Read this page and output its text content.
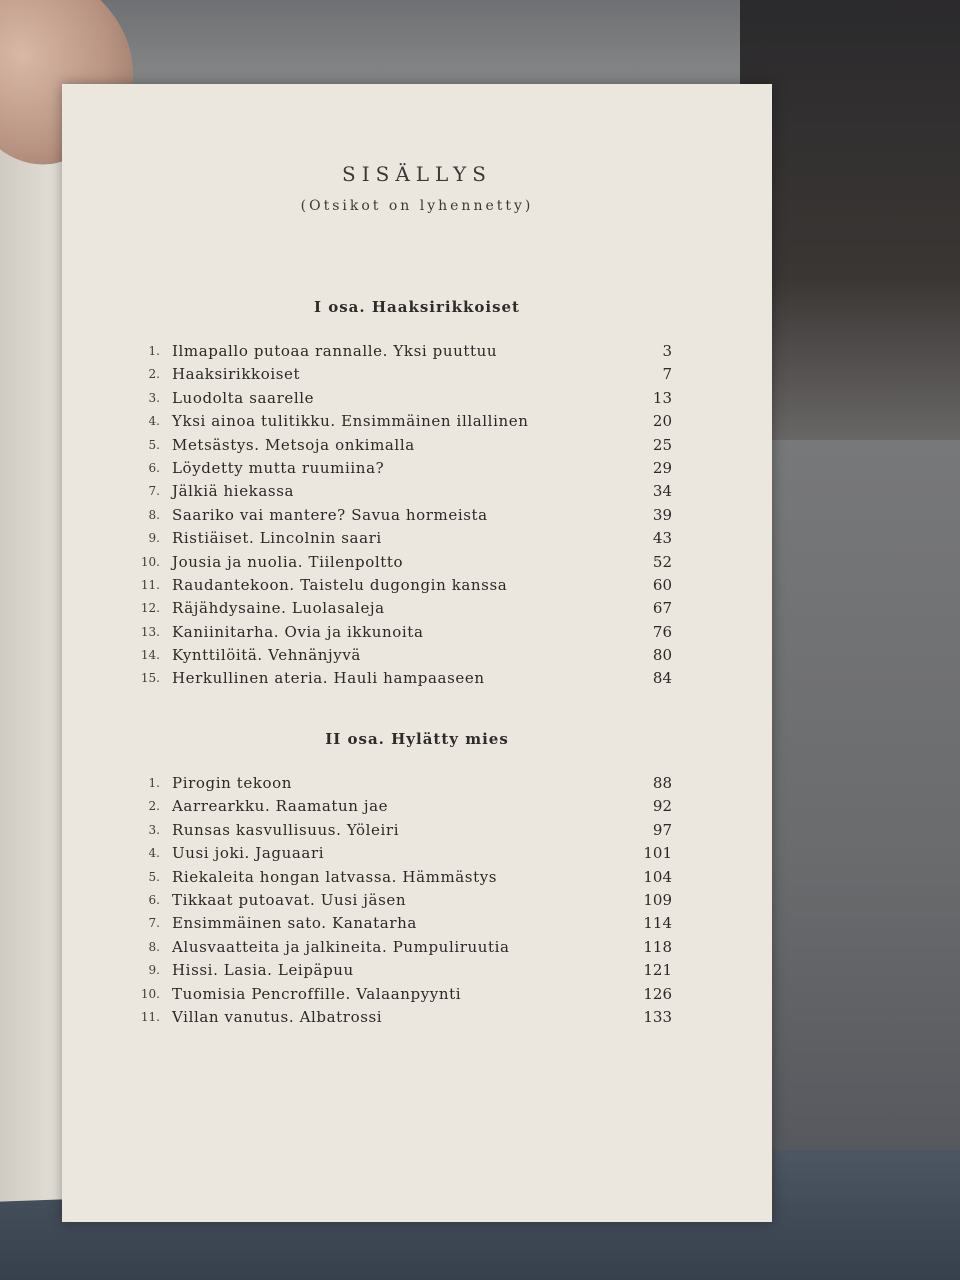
SISÄLLYS
(Otsikot on lyhennetty)
I osa. Haaksirikkoiset
1. Ilmapallo putoaa rannalle. Yksi puuttuu	3
2. Haaksirikkoiset	7
3. Luodolta saarelle	13
4. Yksi ainoa tulitikku. Ensimmäinen illallinen	20
5. Metsästys. Metsoja onkimalla	25
6. Löydetty mutta ruumiina?	29
7. Jälkiä hiekassa	34
8. Saariko vai mantere? Savua hormeista	39
9. Ristiäiset. Lincolnin saari	43
10. Jousia ja nuolia. Tiilenpoltto	52
11. Raudantekoon. Taistelu dugongin kanssa	60
12. Räjähdysaine. Luolasaleja	67
13. Kaniinitarha. Ovia ja ikkunoita	76
14. Kynttilöitä. Vehnänjyvä	80
15. Herkullinen ateria. Hauli hampaaseen	84
II osa. Hylätty mies
1. Pirogin tekoon	88
2. Aarrearkku. Raamatun jae	92
3. Runsas kasvullisuus. Yöleiri	97
4. Uusi joki. Jaguaari	101
5. Riekaleita hongan latvassa. Hämmästys	104
6. Tikkaat putoavat. Uusi jäsen	109
7. Ensimmäinen sato. Kanatarha	114
8. Alusvaatteita ja jalkineita. Pumpuliruutia	118
9. Hissi. Lasia. Leipäpuu	121
10. Tuomisia Pencroffille. Valaanpyynti	126
11. Villan vanutus. Albatrossi	133
